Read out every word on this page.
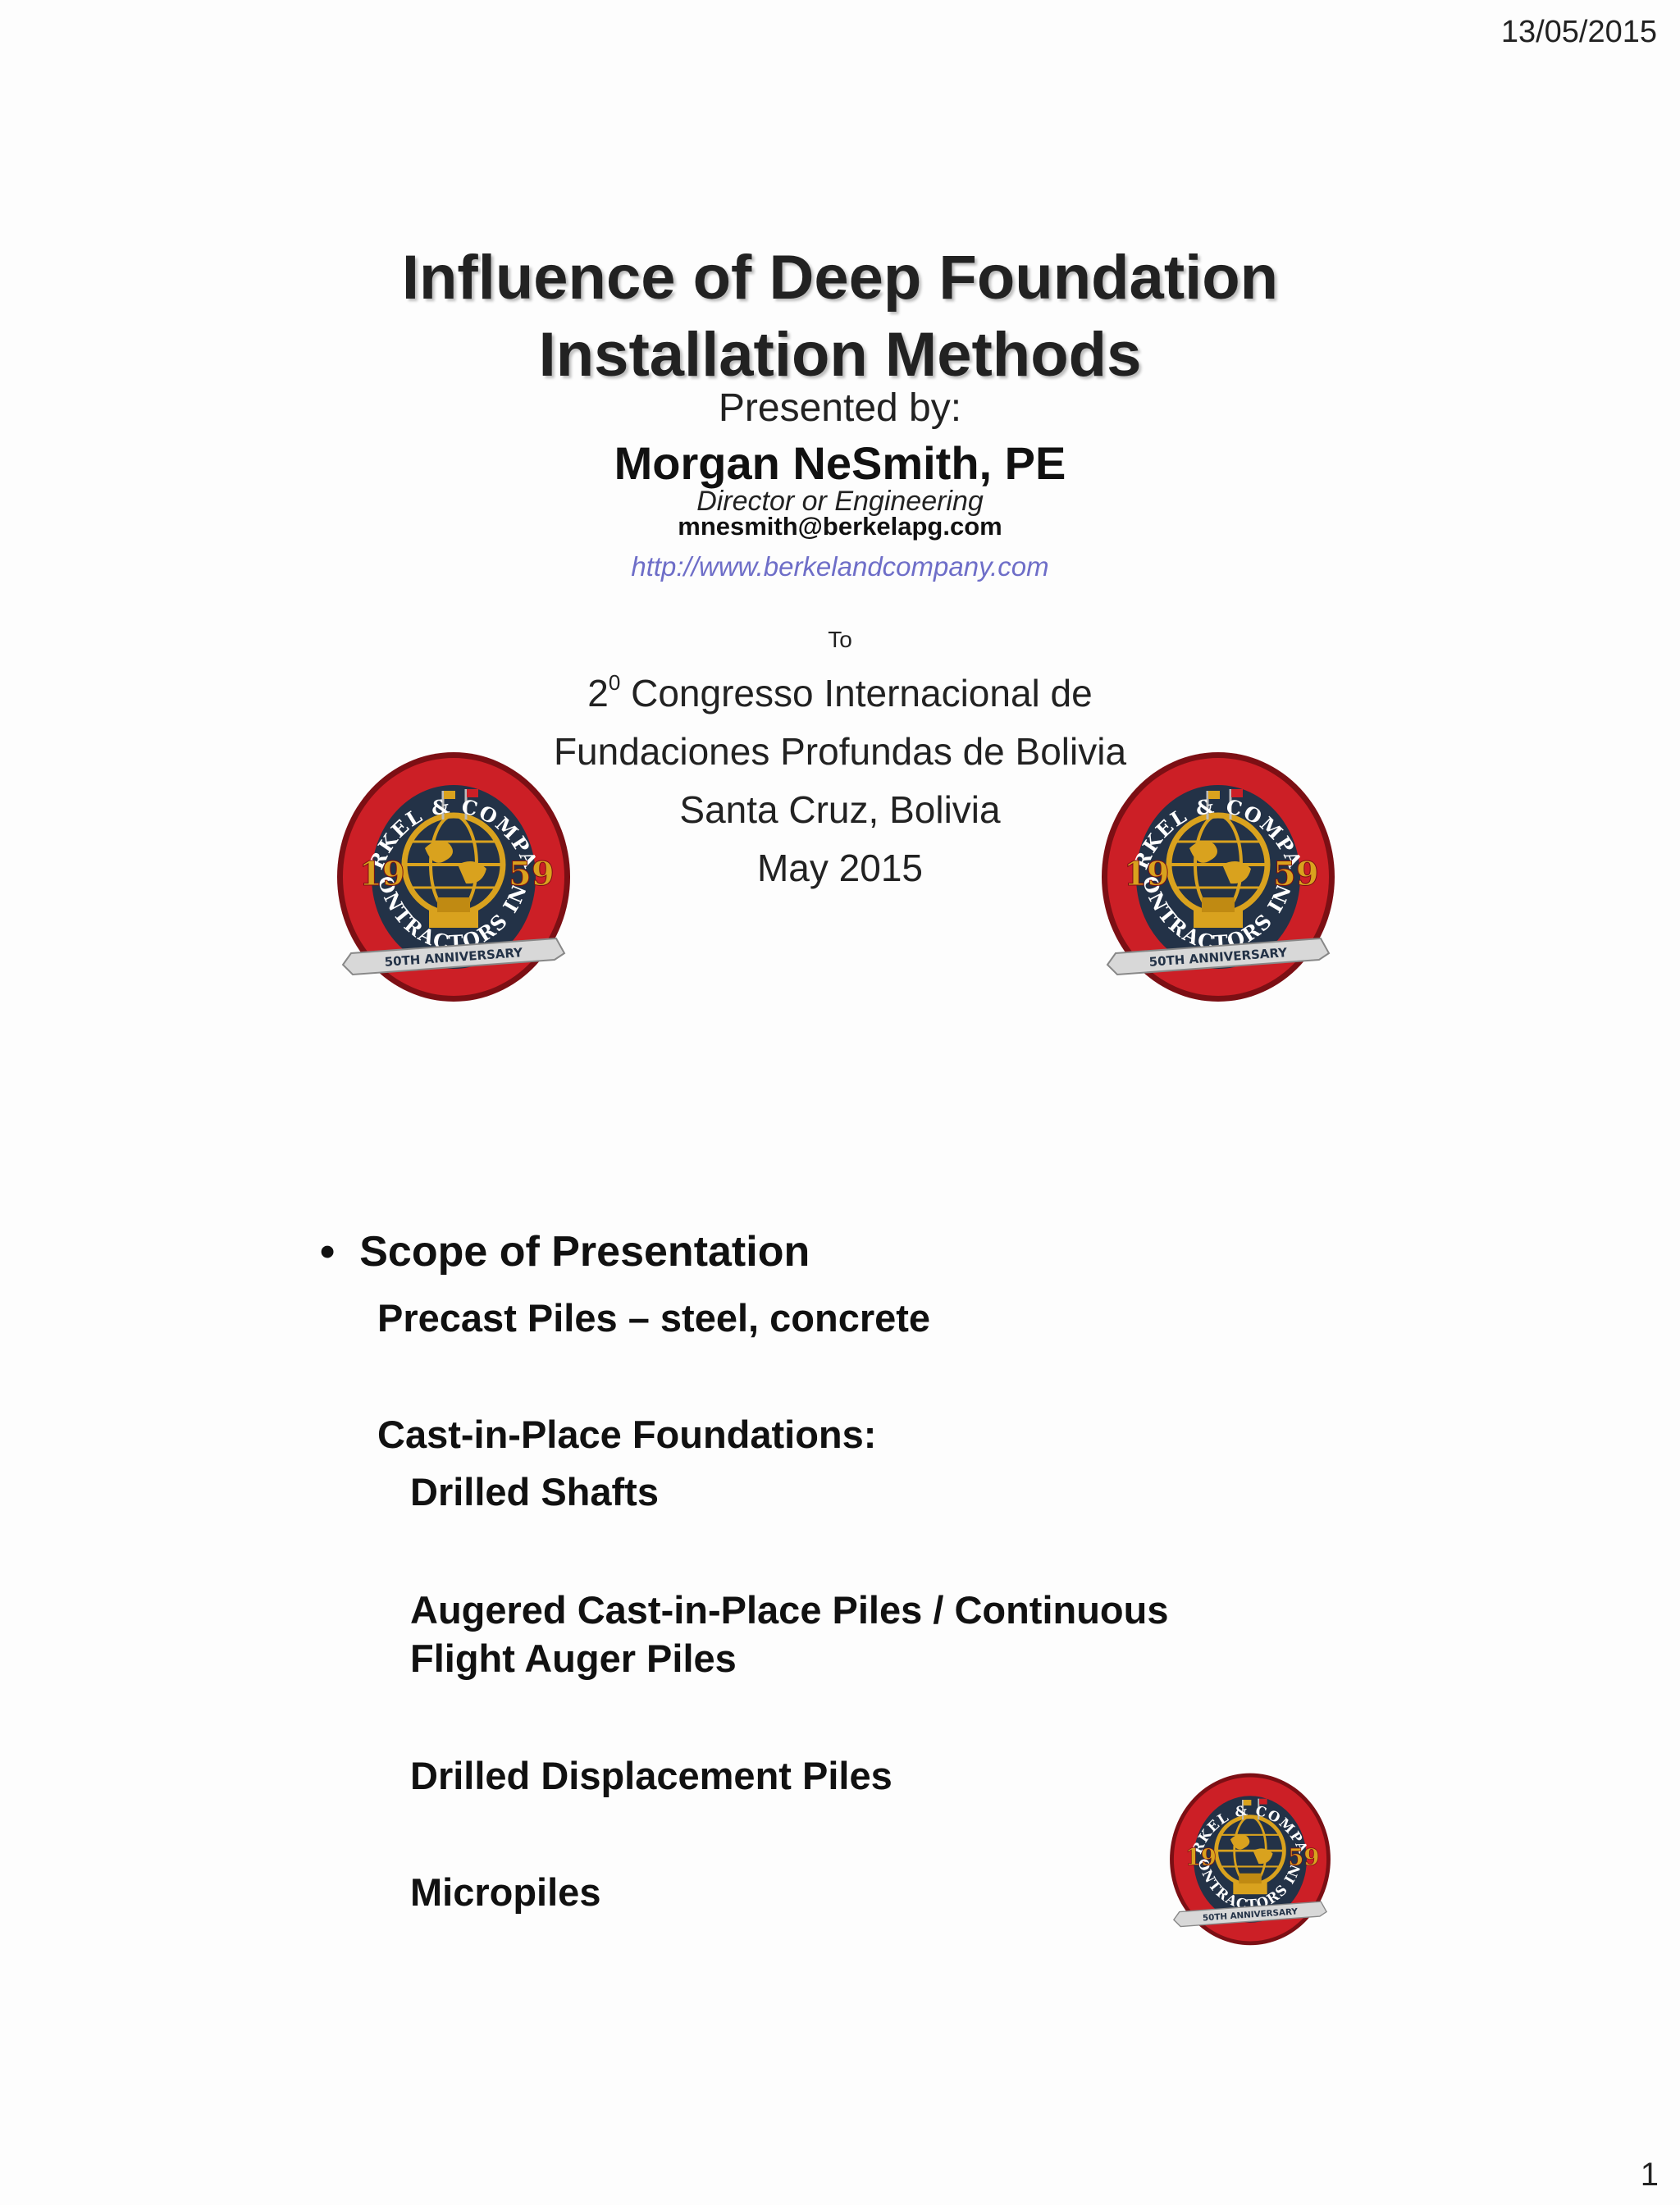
13/05/2015
Influence of Deep Foundation
Installation Methods
Presented by:
Morgan NeSmith, PE
Director or Engineering
mnesmith@berkelapg.com
http://www.berkelandcompany.com
To
$2^0$ Congresso Internacional de
Fundaciones Profundas de Bolivia
Santa Cruz, Bolivia
May 2015
• Scope of Presentation
Precast Piles – steel, concrete
Cast-in-Place Foundations:
Drilled Shafts
Augered Cast-in-Place Piles / Continuous
Flight Auger Piles
Drilled Displacement Piles
Micropiles
1
